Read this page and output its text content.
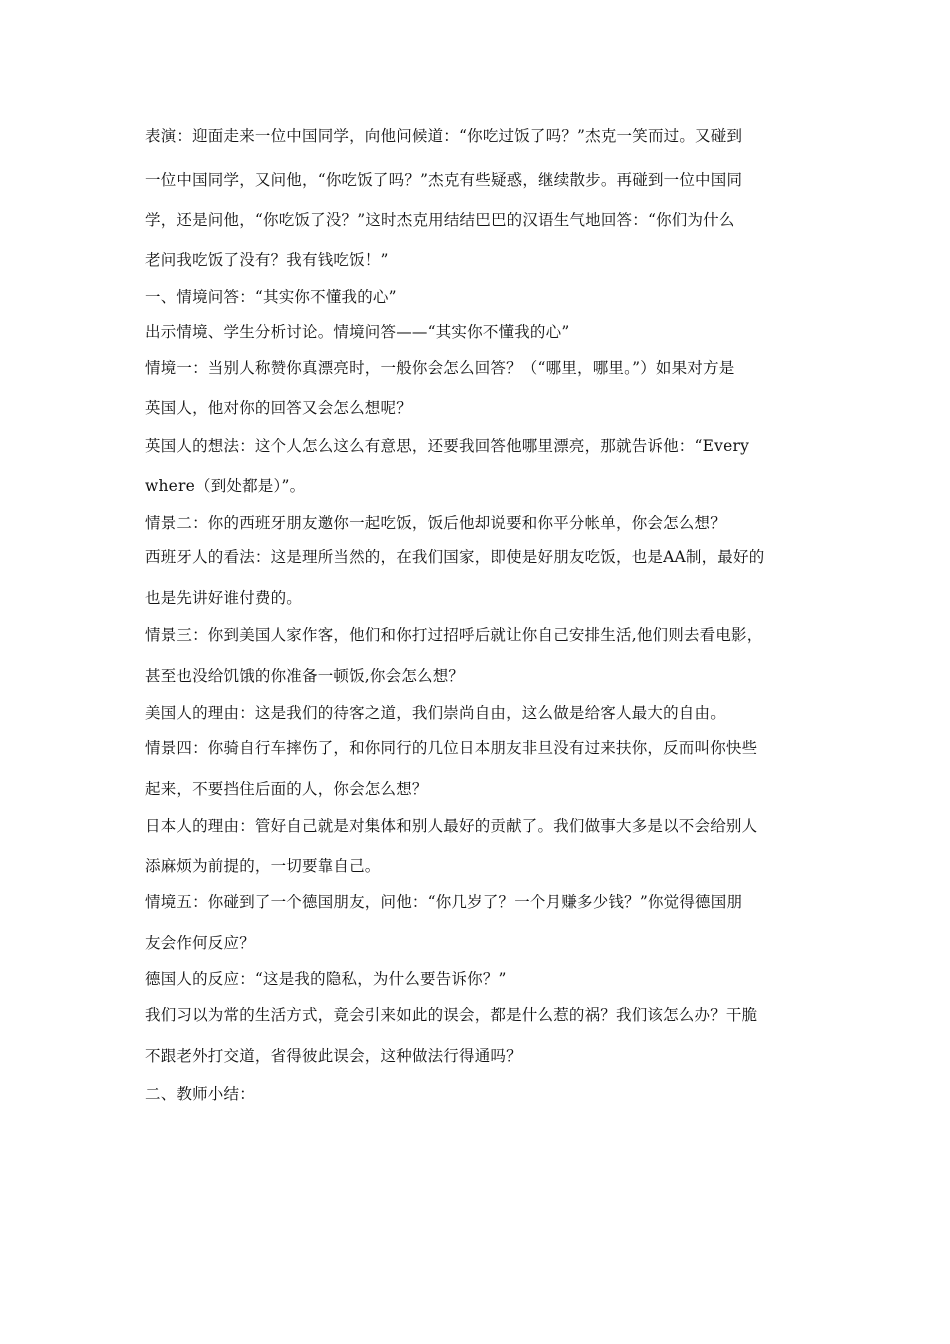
表演：迎面走来一位中国同学，向他问候道：“你吃过饭了吗？”杰克一笑而过。又碰到
一位中国同学，又问他，“你吃饭了吗？”杰克有些疑惑，继续散步。再碰到一位中国同
学，还是问他，“你吃饭了没？”这时杰克用结结巴巴的汉语生气地回答：“你们为什么
老问我吃饭了没有？我有钱吃饭！”
一、情境问答：“其实你不懂我的心”
出示情境、学生分析讨论。情境问答——“其实你不懂我的心”
情境一：当别人称赞你真漂亮时，一般你会怎么回答？（“哪里，哪里。”）如果对方是
英国人，他对你的回答又会怎么想呢？
英国人的想法：这个人怎么这么有意思，还要我回答他哪里漂亮，那就告诉他：“Every
where（到处都是）”。
情景二：你的西班牙朋友邀你一起吃饭，饭后他却说要和你平分帐单，你会怎么想？
西班牙人的看法：这是理所当然的，在我们国家，即使是好朋友吃饭，也是AA制，最好的
也是先讲好谁付费的。
情景三：你到美国人家作客，他们和你打过招呼后就让你自己安排生活,他们则去看电影，
甚至也没给饥饿的你准备一顿饭,你会怎么想？
美国人的理由：这是我们的待客之道，我们崇尚自由，这么做是给客人最大的自由。
情景四：你骑自行车摔伤了，和你同行的几位日本朋友非旦没有过来扶你，反而叫你快些
起来，不要挡住后面的人，你会怎么想？
日本人的理由：管好自己就是对集体和别人最好的贡献了。我们做事大多是以不会给别人
添麻烦为前提的，一切要靠自己。
情境五：你碰到了一个德国朋友，问他：“你几岁了？一个月赚多少钱？”你觉得德国朋
友会作何反应？
德国人的反应：“这是我的隐私，为什么要告诉你？”
我们习以为常的生活方式，竟会引来如此的误会，都是什么惹的祸？我们该怎么办？干脆
不跟老外打交道，省得彼此误会，这种做法行得通吗？
二、教师小结：
